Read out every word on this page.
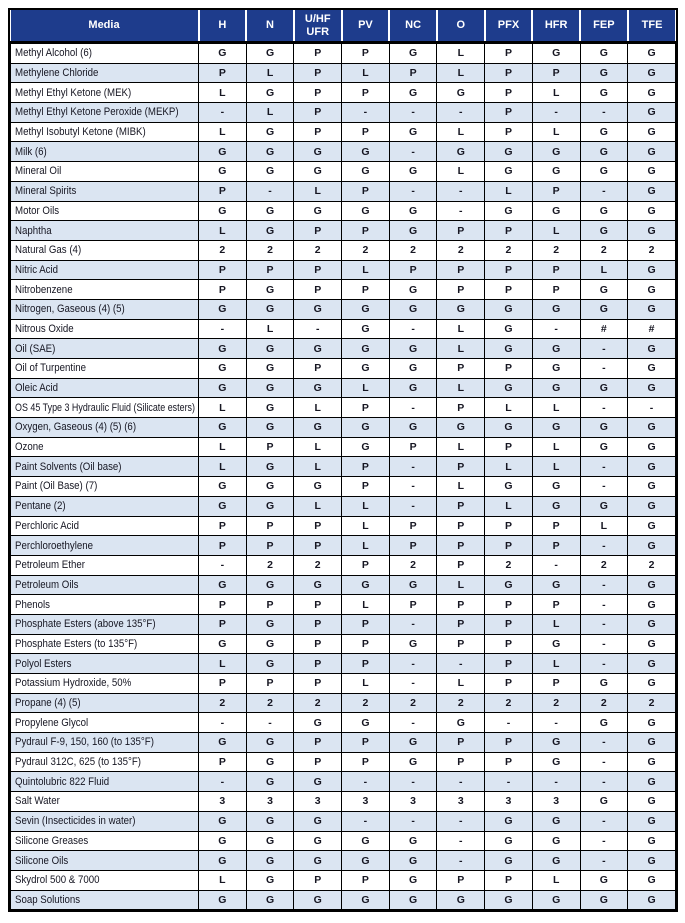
Media	H	N	U/HF UFR	PV	NC	O	PFX	HFR	FEP	TFE
Methyl Alcohol (6)	G	G	P	P	G	L	P	G	G	G
Methylene Chloride	P	L	P	L	P	L	P	P	G	G
Methyl Ethyl Ketone (MEK)	L	G	P	P	G	G	P	L	G	G
Methyl Ethyl Ketone Peroxide (MEKP)	-	L	P	-	-	-	P	-	-	G
Methyl Isobutyl Ketone (MIBK)	L	G	P	P	G	L	P	L	G	G
Milk (6)	G	G	G	G	-	G	G	G	G	G
Mineral Oil	G	G	G	G	G	L	G	G	G	G
Mineral Spirits	P	-	L	P	-	-	L	P	-	G
Motor Oils	G	G	G	G	G	-	G	G	G	G
Naphtha	L	G	P	P	G	P	P	L	G	G
Natural Gas (4)	2	2	2	2	2	2	2	2	2	2
Nitric Acid	P	P	P	L	P	P	P	P	L	G
Nitrobenzene	P	G	P	P	G	P	P	P	G	G
Nitrogen, Gaseous (4) (5)	G	G	G	G	G	G	G	G	G	G
Nitrous Oxide	-	L	-	G	-	L	G	-	#	#
Oil (SAE)	G	G	G	G	G	L	G	G	-	G
Oil of Turpentine	G	G	P	G	G	P	P	G	-	G
Oleic Acid	G	G	G	L	G	L	G	G	G	G
OS 45 Type 3 Hydraulic Fluid (Silicate esters)	L	G	L	P	-	P	L	L	-	-
Oxygen, Gaseous (4) (5) (6)	G	G	G	G	G	G	G	G	G	G
Ozone	L	P	L	G	P	L	P	L	G	G
Paint Solvents (Oil base)	L	G	L	P	-	P	L	L	-	G
Paint (Oil Base) (7)	G	G	G	P	-	L	G	G	-	G
Pentane (2)	G	G	L	L	-	P	L	G	G	G
Perchloric Acid	P	P	P	L	P	P	P	P	L	G
Perchloroethylene	P	P	P	L	P	P	P	P	-	G
Petroleum Ether	-	2	2	P	2	P	2	-	2	2
Petroleum Oils	G	G	G	G	G	L	G	G	-	G
Phenols	P	P	P	L	P	P	P	P	-	G
Phosphate Esters (above 135°F)	P	G	P	P	-	P	P	L	-	G
Phosphate Esters (to 135°F)	G	G	P	P	G	P	P	G	-	G
Polyol Esters	L	G	P	P	-	-	P	L	-	G
Potassium Hydroxide, 50%	P	P	P	L	-	L	P	P	G	G
Propane (4) (5)	2	2	2	2	2	2	2	2	2	2
Propylene Glycol	-	-	G	G	-	G	-	-	G	G
Pydraul F-9, 150, 160 (to 135°F)	G	G	P	P	G	P	P	G	-	G
Pydraul 312C, 625 (to 135°F)	P	G	P	P	G	P	P	G	-	G
Quintolubric 822 Fluid	-	G	G	-	-	-	-	-	-	G
Salt Water	3	3	3	3	3	3	3	3	G	G
Sevin (Insecticides in water)	G	G	G	-	-	-	G	G	-	G
Silicone Greases	G	G	G	G	G	-	G	G	-	G
Silicone Oils	G	G	G	G	G	-	G	G	-	G
Skydrol 500 & 7000	L	G	P	P	G	P	P	L	G	G
Soap Solutions	G	G	G	G	G	G	G	G	G	G
